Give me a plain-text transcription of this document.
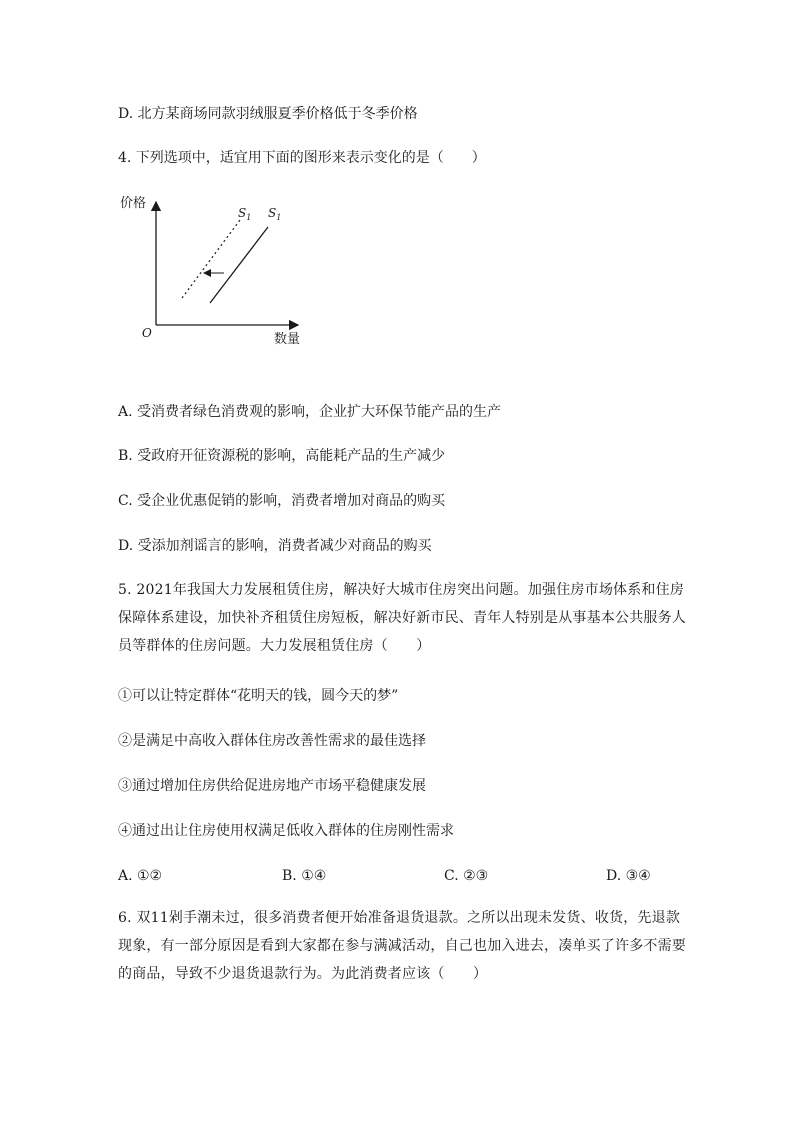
D. 北方某商场同款羽绒服夏季价格低于冬季价格
4. 下列选项中，适宜用下面的图形来表示变化的是（　　）
价格
数量
O
$S_1$ $S_1$
A. 受消费者绿色消费观的影响，企业扩大环保节能产品的生产
B. 受政府开征资源税的影响，高能耗产品的生产减少
C. 受企业优惠促销的影响，消费者增加对商品的购买
D. 受添加剂谣言的影响，消费者减少对商品的购买
5. 2021年我国大力发展租赁住房，解决好大城市住房突出问题。加强住房市场体系和住房保障体系建设，加快补齐租赁住房短板，解决好新市民、青年人特别是从事基本公共服务人员等群体的住房问题。大力发展租赁住房（　　）
①可以让特定群体“花明天的钱，圆今天的梦”
②是满足中高收入群体住房改善性需求的最佳选择
③通过增加住房供给促进房地产市场平稳健康发展
④通过出让住房使用权满足低收入群体的住房刚性需求
A. ①②	B. ①④	C. ②③	D. ③④
6. 双11剁手潮未过，很多消费者便开始准备退货退款。之所以出现未发货、收货，先退款现象，有一部分原因是看到大家都在参与满减活动，自己也加入进去，凑单买了许多不需要的商品，导致不少退货退款行为。为此消费者应该（　　）
